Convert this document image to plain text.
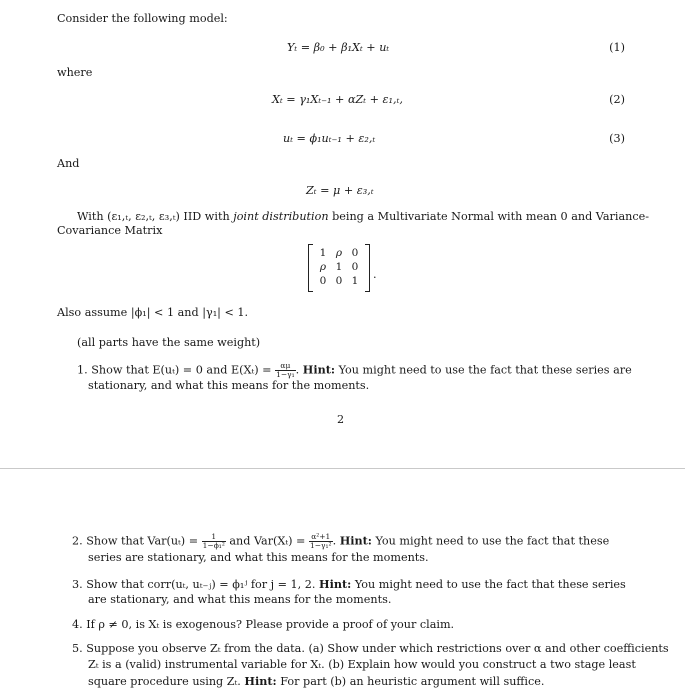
Consider the following model:
Yₜ = β₀ + β₁Xₜ + uₜ	(1)
where
Xₜ = γ₁Xₜ₋₁ + αZₜ + ε₁,ₜ,	(2)
uₜ = ϕ₁uₜ₋₁ + ε₂,ₜ	(3)
And
Zₜ = μ + ε₃,ₜ
With (ε₁,ₜ, ε₂,ₜ, ε₃,ₜ) IID with joint distribution being a Multivariate Normal with mean 0 and Variance-
Covariance Matrix
1	ρ	0
ρ	1	0
0	0	1 .
Also assume |ϕ₁| < 1 and |γ₁| < 1.
(all parts have the same weight)
1. Show that E(uₜ) = 0 and $E(X_t) = \frac{\alpha\mu}{\text{1−γ₁}}$ . Hint: You might need to use the fact that these series are
stationary, and what this means for the moments.
2
2. Show that $Var(u_t) = \frac{1}{\text{1−ϕ₁²}}$ and $Var(X_t) = \frac{\text{α²+1}}{\text{1−γ₁²}}$ . Hint: You might need to use the fact that these
series are stationary, and what this means for the moments.
3. Show that corr(uₜ, uₜ₋ⱼ) = ϕ₁ʲ for j = 1, 2. Hint: You might need to use the fact that these series
are stationary, and what this means for the moments.
4. If ρ ≠ 0, is Xₜ is exogenous? Please provide a proof of your claim.
5. Suppose you observe Zₜ from the data. (a) Show under which restrictions over α and other coefficients
Zₜ is a (valid) instrumental variable for Xₜ. (b) Explain how would you construct a two stage least
square procedure using Zₜ. Hint: For part (b) an heuristic argument will suffice.
